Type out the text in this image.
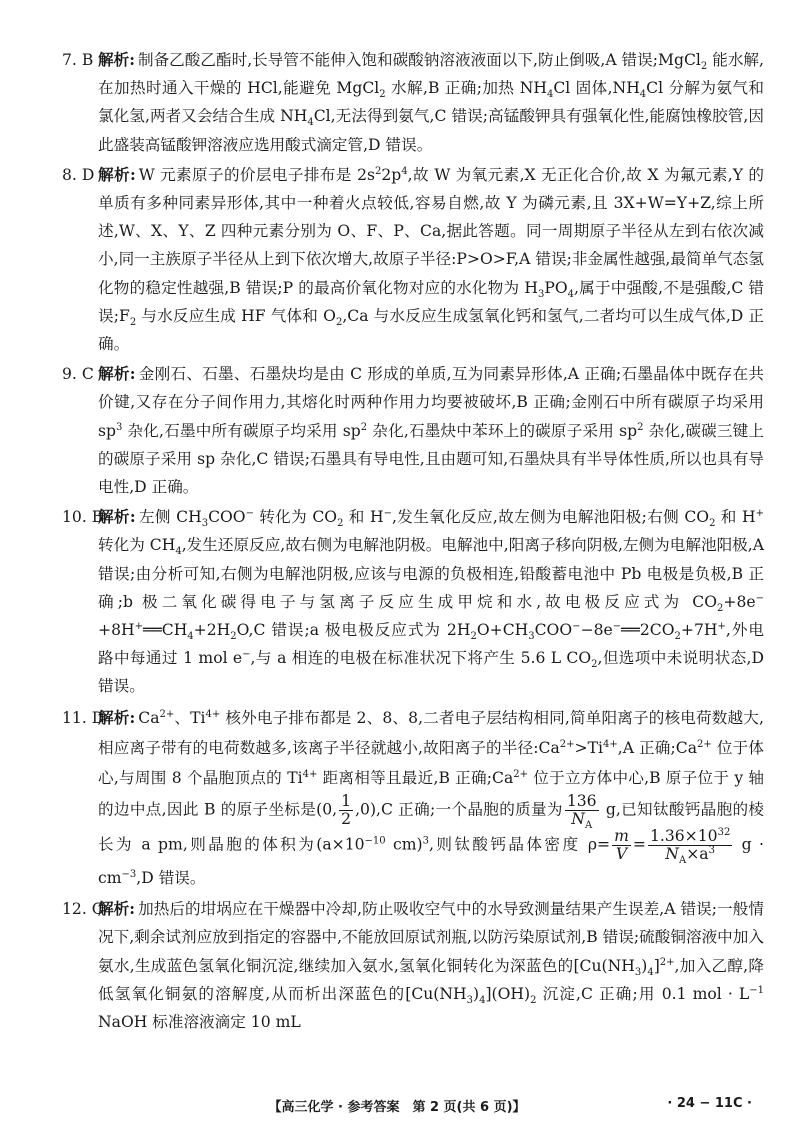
7. B 解析: 制备乙酸乙酯时,长导管不能伸入饱和碳酸钠溶液液面以下,防止倒吸,A 错误;MgCl$_2$ 能水解,在加热时通入干燥的 HCl,能避免 MgCl$_2$ 水解,B 正确;加热 $NH_4Cl$ 固体$,NH_4Cl$ 分解为氨气和氯化氢,两者又会结合生成 $NH_4Cl$,无法得到氨气,C 错误;高锰酸钾具有强氧化性,能腐蚀橡胶管,因此盛装高锰酸钾溶液应选用酸式滴定管,D 错误。
8. D 解析: W 元素原子的价层电子排布是 $2s^22p^4$,故 W 为氧元素,X 无正化合价,故 X 为氟元素,Y 的单质有多种同素异形体,其中一种着火点较低,容易自燃,故 Y 为磷元素,且 3X+W=Y+Z,综上所述,W、X、Y、Z 四种元素分别为 O、F、P、Ca,据此答题。同一周期原子半径从左到右依次减小,同一主族原子半径从上到下依次增大,故原子半径:P>O>F,A 错误;非金属性越强,最简单气态氢化物的稳定性越强,B 错误;P 的最高价氧化物对应的水化物为 $H_3PO_4$,属于中强酸,不是强酸,C 错误$;F_2$ 与水反应生成 HF 气体和 $O_2,Ca$ 与水反应生成氢氧化钙和氢气,二者均可以生成气体,D 正确。
9. C 解析: 金刚石、石墨、石墨炔均是由 C 形成的单质,互为同素异形体,A 正确;石墨晶体中既存在共价键,又存在分子间作用力,其熔化时两种作用力均要被破坏,B 正确;金刚石中所有碳原子均采用 $sp^3$ 杂化,石墨中所有碳原子均采用 $sp^2$ 杂化,石墨炔中苯环上的碳原子采用 $sp^2$ 杂化,碳碳三键上的碳原子采用 sp 杂化,C 错误;石墨具有导电性,且由题可知,石墨炔具有半导体性质,所以也具有导电性,D 正确。
10. B
解析: 左侧 $CH_3COO^-$ 转化为 $CO_2$ 和 H−,发生氧化反应,故左侧为电解池阳极;右侧 $CO_2$ 和 H+ 转化为 $CH_4$,发生还原反应,故右侧为电解池阴极。电解池中,阳离子移向阴极,左侧为电解池阳极,A 错误;由分析可知,右侧为电解池阴极,应该与电源的负极相连,铅酸蓄电池中 Pb 电极是负极,B 正确;b 极二氧化碳得电子与氢离子反应生成甲烷和水,故电极反应式为 $CO_2+8e^-+8H^+══CH_4+2H_2O,C$ 错误;a 极电极反应式为 $2H_2O+CH_3COO^--8e^-══2CO_2+7H^+$,外电路中每通过 1 mol e−,与 a 相连的电极在标准状况下将产生 5.6 L $CO_2$,但选项中未说明状态,D 错误。
11. D
解析: $Ca^{2+}$、$Ti^{4+}$ 核外电子排布都是 2、8、8,二者电子层结构相同,简单阳离子的核电荷数越大,相应离子带有的电荷数越多,该离子半径就越小,故阳离子的半径$:Ca^{2+}>Ti^{4+},A$ 正确$;Ca^{2+}$ 位于体心,与周围 8 个晶胞顶点的 $Ti^{4+}$ 距离相等且最近,B 正确$;Ca^{2+}$ 位于立方体中心,B 原子位于 y 轴的边中点,因此 B 的原子坐标是(0, $\frac{1}{2} ,0),C$ 正确;一个晶胞的质量为 $\frac{136}{N_A} g$,已知钛酸钙晶胞的棱长为 a pm,则晶胞的体积为($a\times 10^{-10}$ cm)$^3$,则钛酸钙晶体密度 $\rho= \frac{m}{V} = \frac{1.36\times 10^{32}}{N_A\times a^3}$ $g \cdot cm^{-3},D$ 错误。
12. C
解析: 加热后的坩埚应在干燥器中冷却,防止吸收空气中的水导致测量结果产生误差,A 错误;一般情况下,剩余试剂应放到指定的容器中,不能放回原试剂瓶,以防污染原试剂,B 错误;硫酸铜溶液中加入氨水,生成蓝色氢氧化铜沉淀,继续加入氨水,氢氧化铜转化为深蓝色的$[Cu(NH_3)_4]^{2+}$,加入乙醇,降低氢氧化铜氨的溶解度,从而析出深蓝色的$[Cu(NH_3)_4](OH)_2$ 沉淀,C 正确;用 0.1 mol · $L^{-1}$ NaOH 标准溶液滴定 10 mL
【高三化学 · 参考答案　第 2 页(共 6 页)】	· 24 − 11C ·
